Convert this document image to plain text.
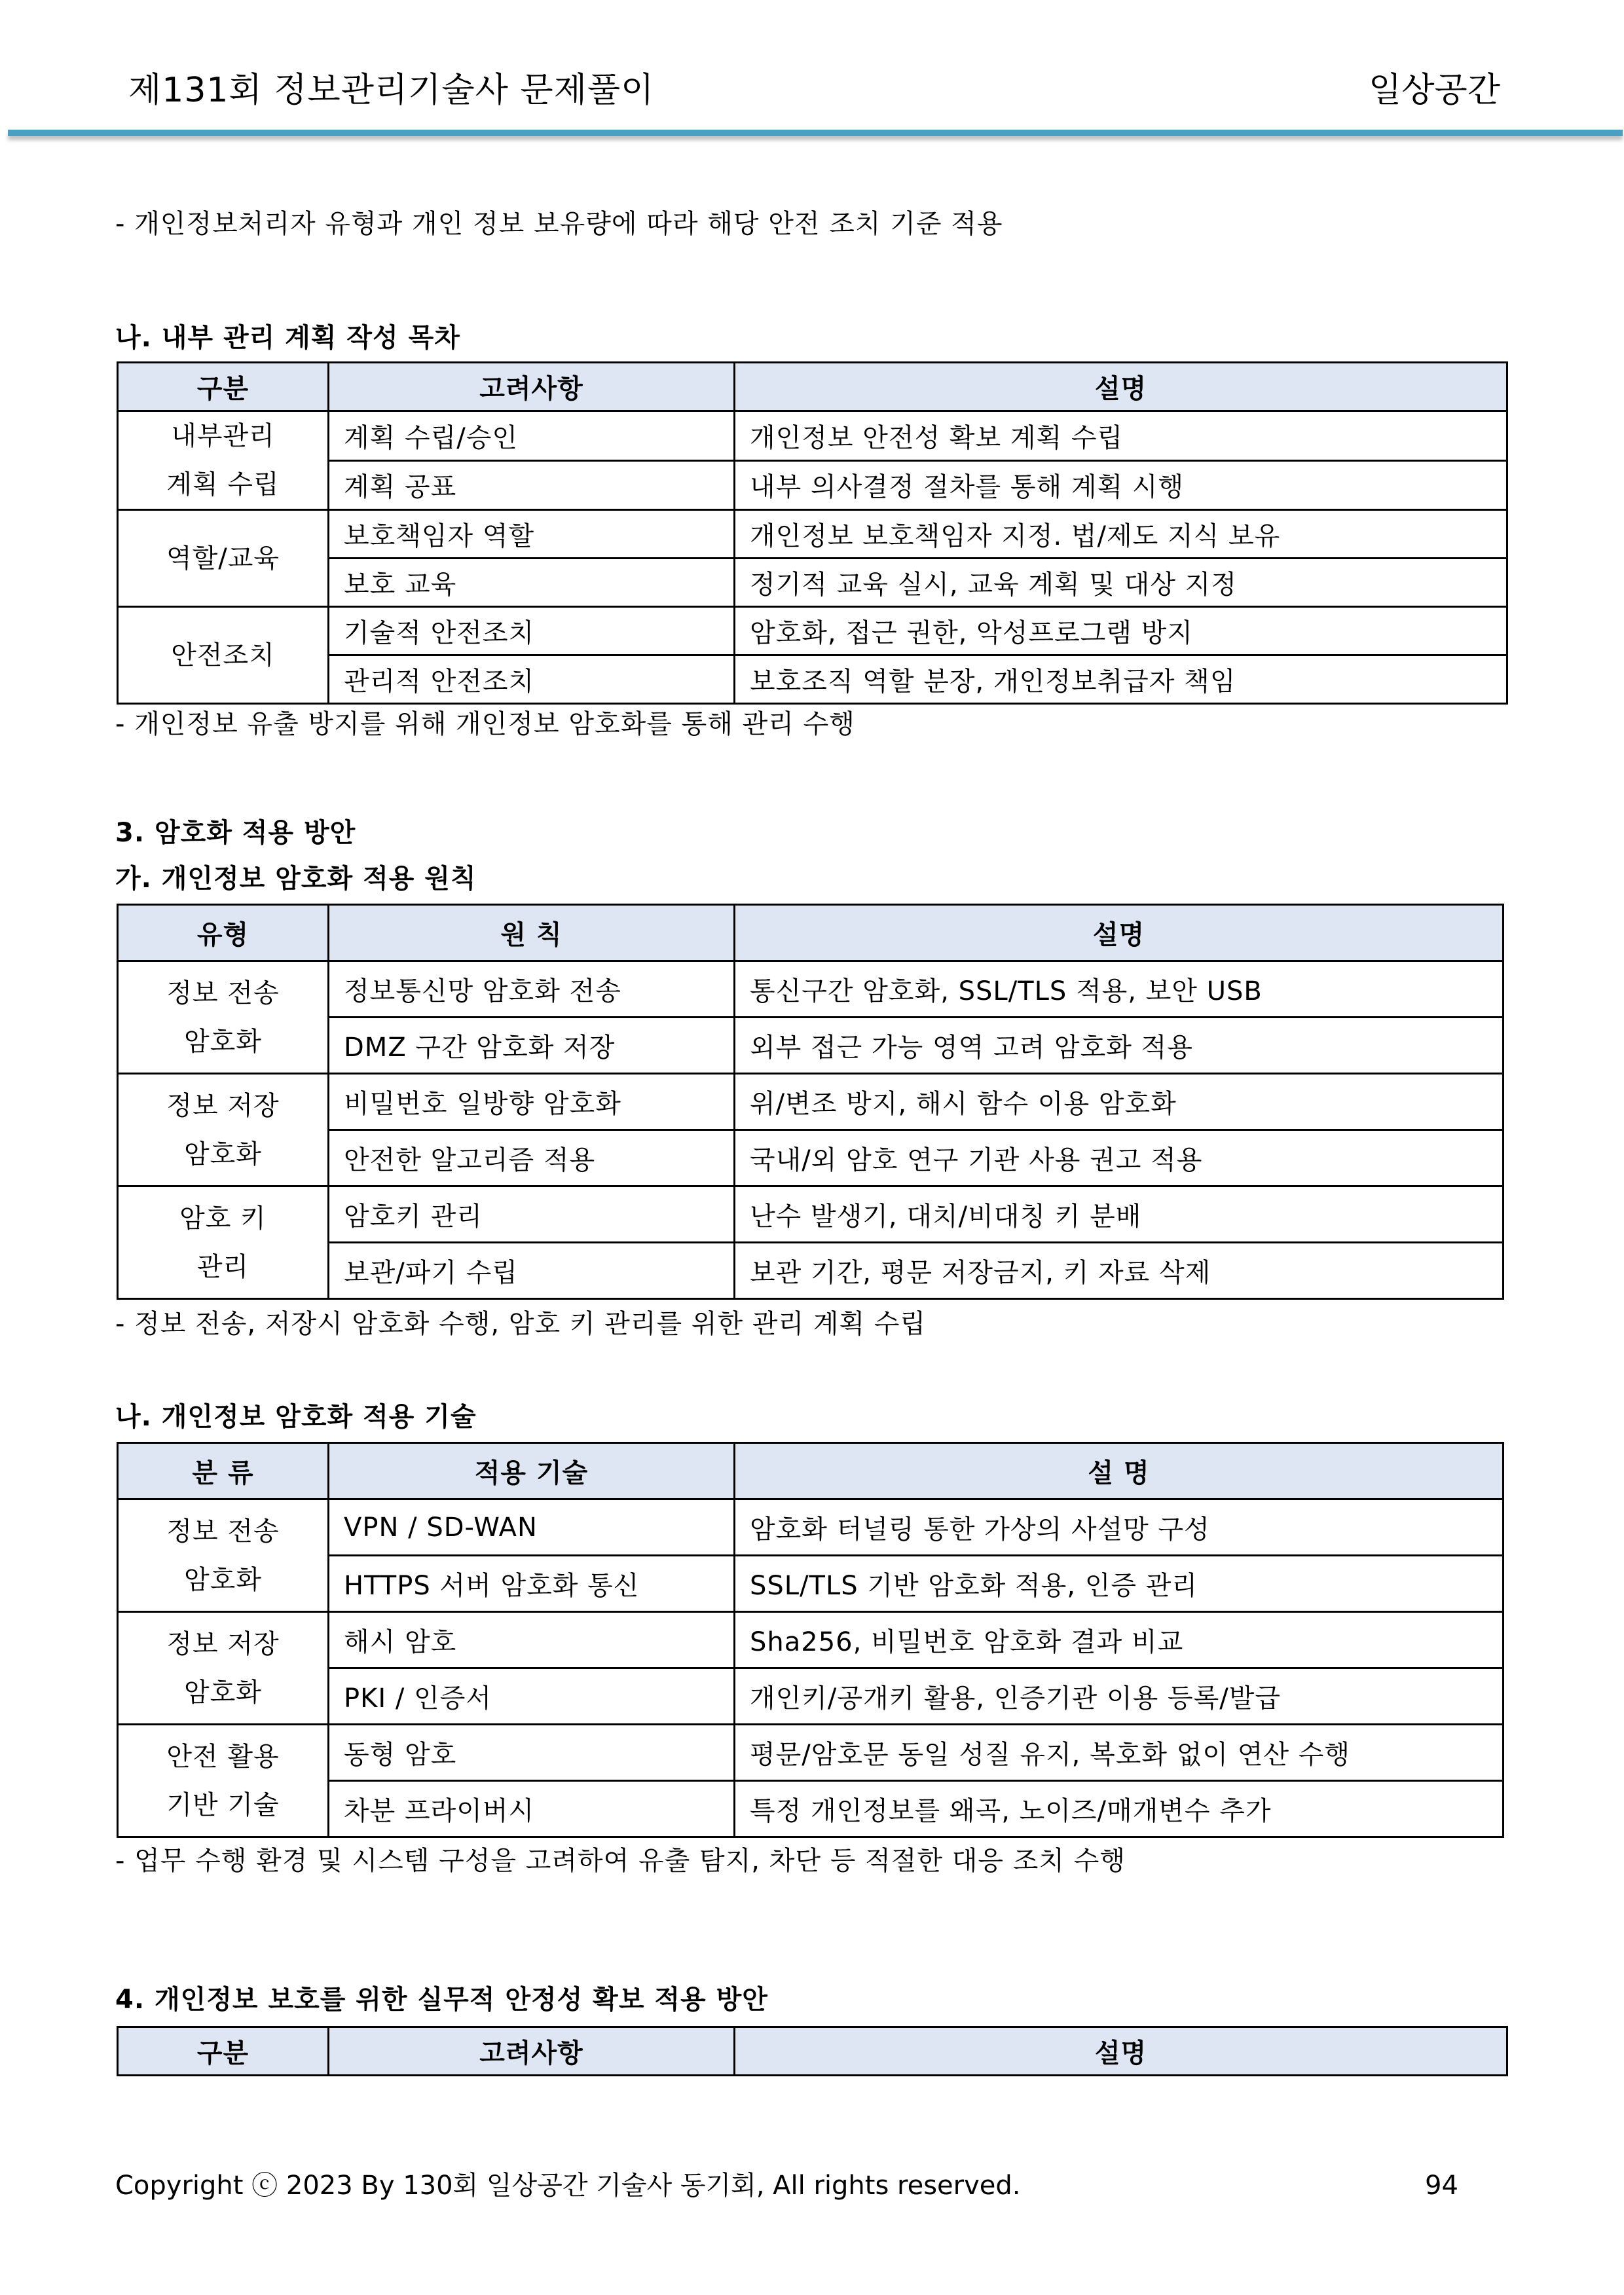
제131회 정보관리기술사 문제풀이	일상공간
- 개인정보처리자 유형과 개인 정보 보유량에 따라 해당 안전 조치 기준 적용
나. 내부 관리 계획 작성 목차
구분	고려사항	설명

내부관리
계획 수립	계획 수립/승인	개인정보 안전성 확보 계획 수립
	계획 공표	내부 의사결정 절차를 통해 계획 시행
역할/교육	보호책임자 역할	개인정보 보호책임자 지정. 법/제도 지식 보유
	보호 교육	정기적 교육 실시, 교육 계획 및 대상 지정
안전조치	기술적 안전조치	암호화, 접근 권한, 악성프로그램 방지
	관리적 안전조치	보호조직 역할 분장, 개인정보취급자 책임
- 개인정보 유출 방지를 위해 개인정보 암호화를 통해 관리 수행
3. 암호화 적용 방안
가. 개인정보 암호화 적용 원칙
유형	원 칙	설명

정보 전송
암호화	정보통신망 암호화 전송	통신구간 암호화, SSL/TLS 적용, 보안 USB
	DMZ 구간 암호화 저장	외부 접근 가능 영역 고려 암호화 적용

정보 저장
암호화	비밀번호 일방향 암호화	위/변조 방지, 해시 함수 이용 암호화
	안전한 알고리즘 적용	국내/외 암호 연구 기관 사용 권고 적용

암호 키
관리	암호키 관리	난수 발생기, 대치/비대칭 키 분배
	보관/파기 수립	보관 기간, 평문 저장금지, 키 자료 삭제
- 정보 전송, 저장시 암호화 수행, 암호 키 관리를 위한 관리 계획 수립
나. 개인정보 암호화 적용 기술
분 류	적용 기술	설 명

정보 전송
암호화	VPN / SD-WAN	암호화 터널링 통한 가상의 사설망 구성
	HTTPS 서버 암호화 통신	SSL/TLS 기반 암호화 적용, 인증 관리

정보 저장
암호화	해시 암호	Sha256, 비밀번호 암호화 결과 비교
	PKI / 인증서	개인키/공개키 활용, 인증기관 이용 등록/발급

안전 활용
기반 기술	동형 암호	평문/암호문 동일 성질 유지, 복호화 없이 연산 수행
	차분 프라이버시	특정 개인정보를 왜곡, 노이즈/매개변수 추가
- 업무 수행 환경 및 시스템 구성을 고려하여 유출 탐지, 차단 등 적절한 대응 조치 수행
4. 개인정보 보호를 위한 실무적 안정성 확보 적용 방안
구분	고려사항	설명
Copyright ⓒ 2023 By 130회 일상공간 기술사 동기회, All rights reserved.	94
